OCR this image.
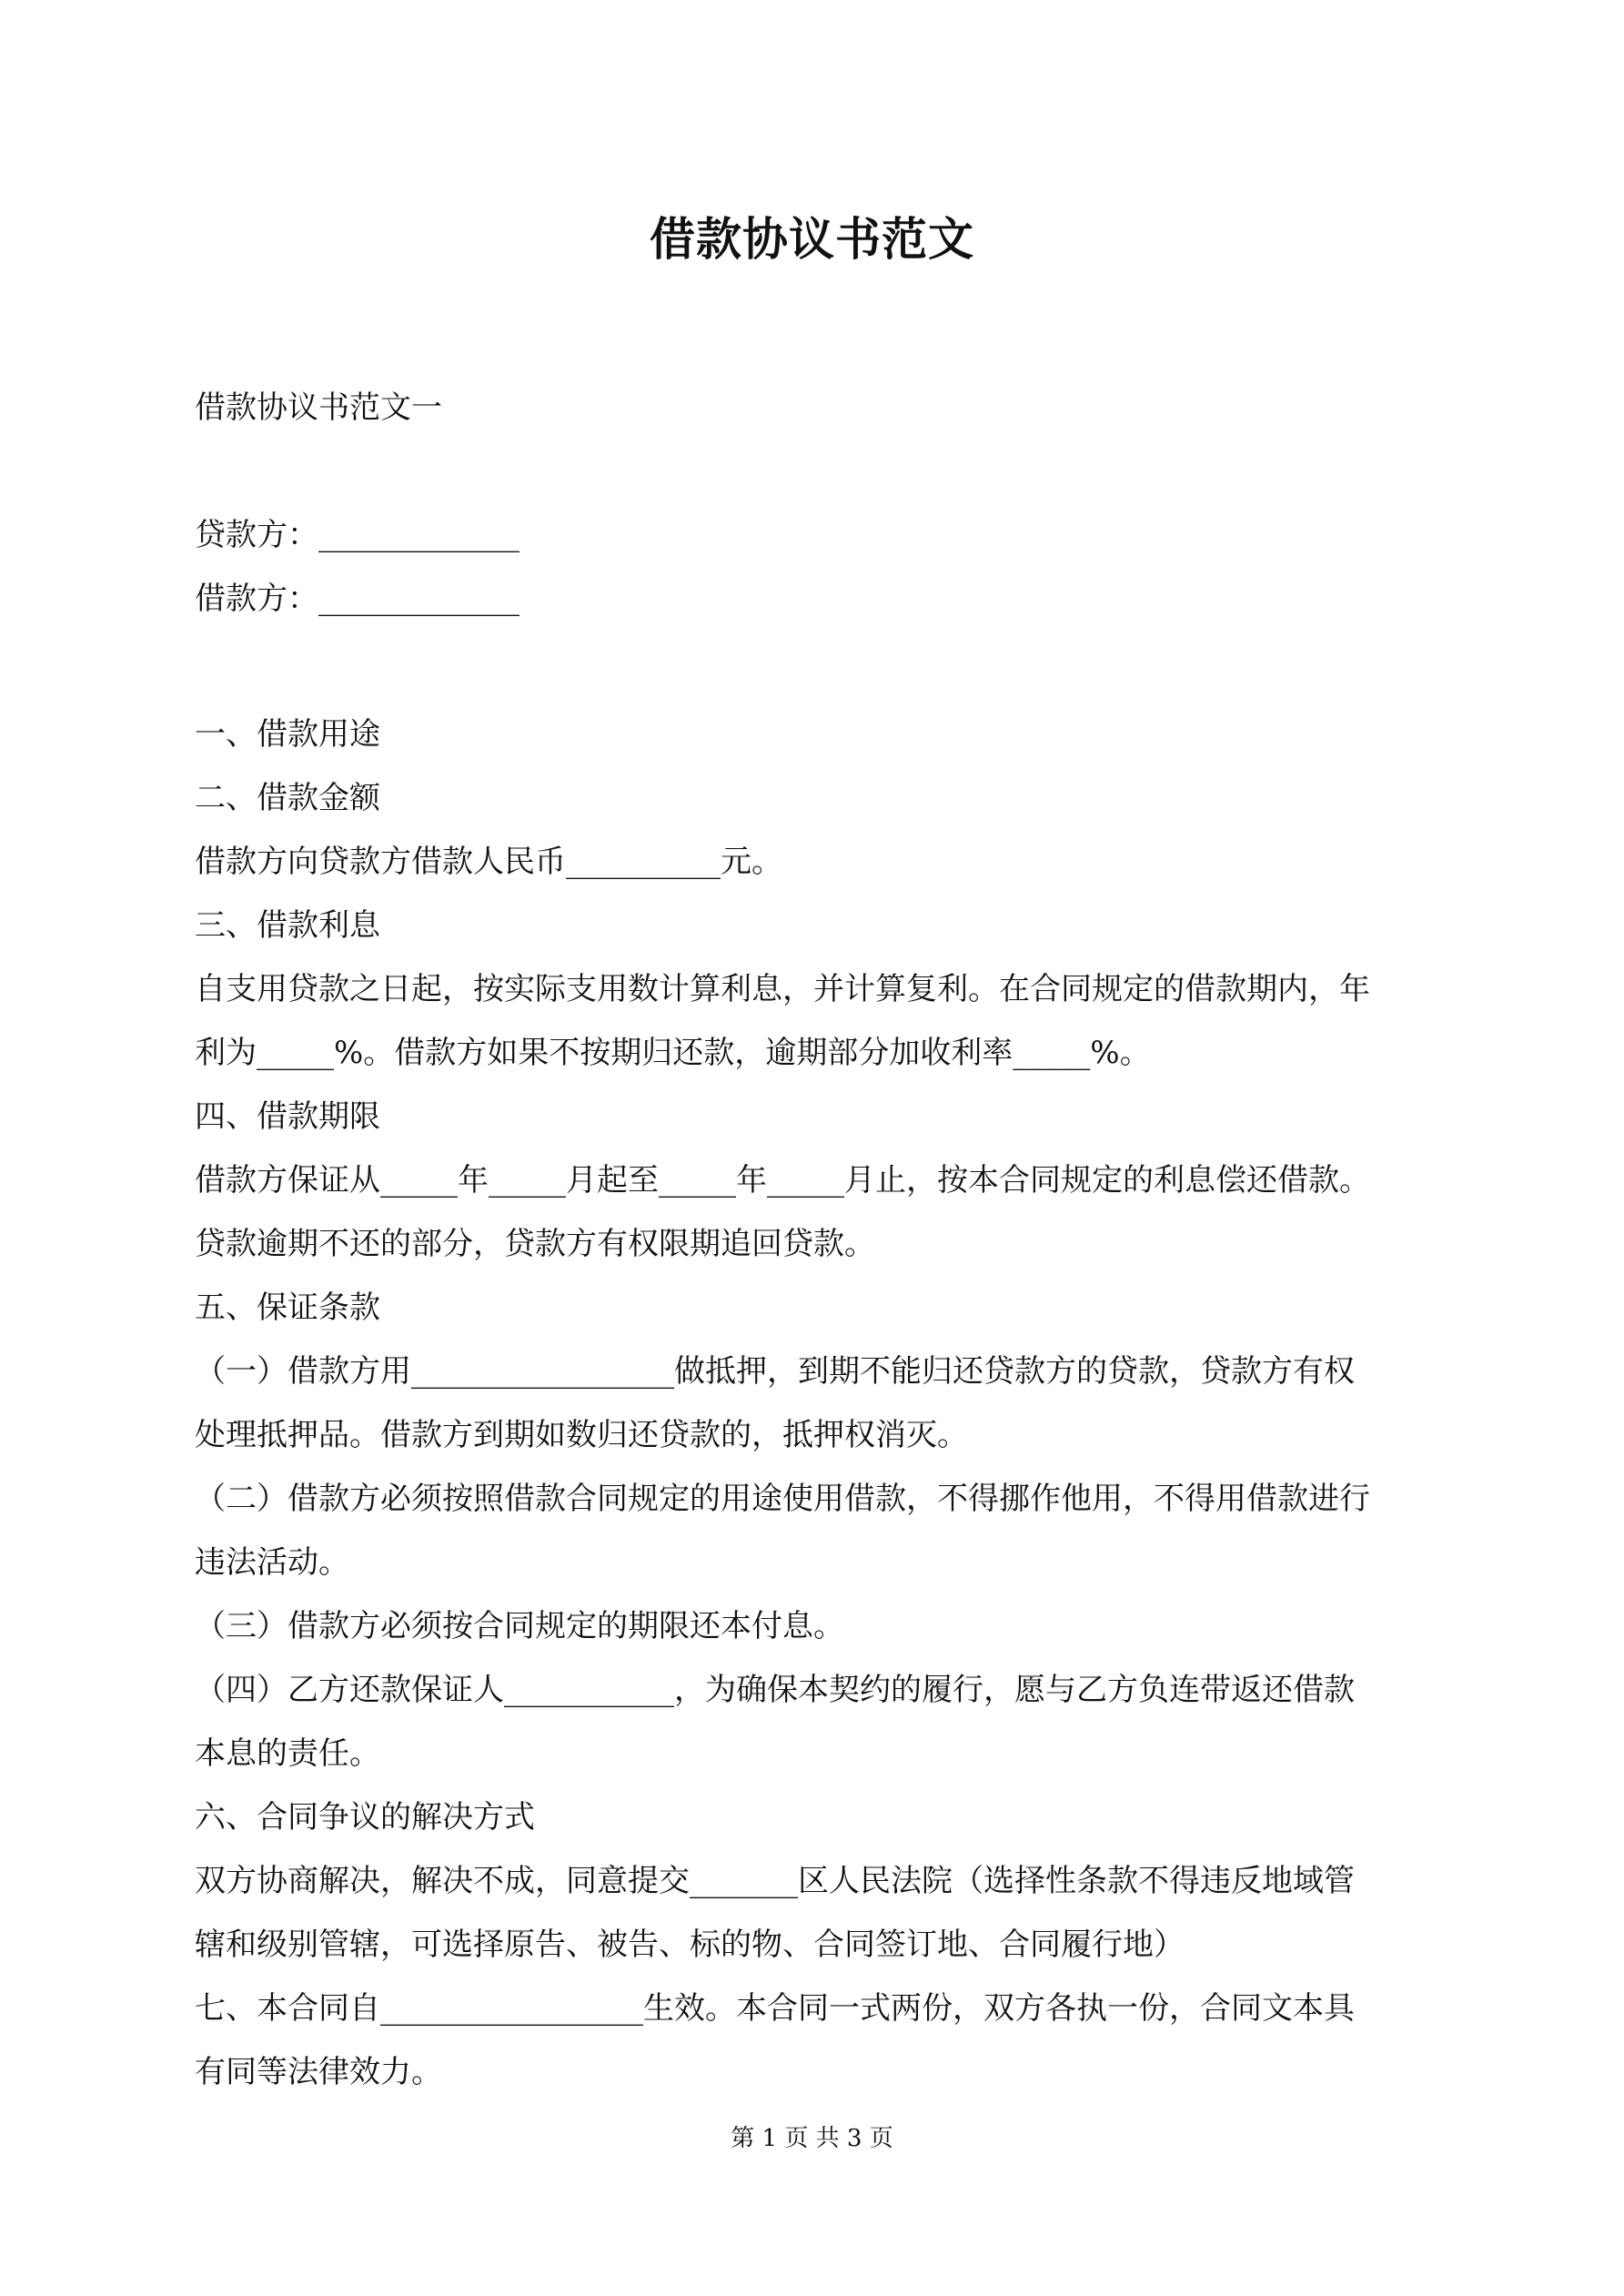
借款协议书范文
借款协议书范文一
贷款方：_____________
借款方：_____________

一、借款用途

二、借款金额

借款方向贷款方借款人民币__________元。

三、借款利息

自支用贷款之日起，按实际支用数计算利息，并计算复利。在合同规定的借款期内，年

利为_____%。借款方如果不按期归还款，逾期部分加收利率_____%。

四、借款期限

借款方保证从_____年_____月起至_____年_____月止，按本合同规定的利息偿还借款。

贷款逾期不还的部分，贷款方有权限期追回贷款。

五、保证条款

（一）借款方用_________________做抵押，到期不能归还贷款方的贷款，贷款方有权

处理抵押品。借款方到期如数归还贷款的，抵押权消灭。

（二）借款方必须按照借款合同规定的用途使用借款，不得挪作他用，不得用借款进行

违法活动。

（三）借款方必须按合同规定的期限还本付息。

（四）乙方还款保证人___________，为确保本契约的履行，愿与乙方负连带返还借款

本息的责任。

六、合同争议的解决方式

双方协商解决，解决不成，同意提交_______区人民法院（选择性条款不得违反地域管

辖和级别管辖，可选择原告、被告、标的物、合同签订地、合同履行地）

七、本合同自_________________生效。本合同一式两份，双方各执一份，合同文本具

有同等法律效力。

第 1 页 共 3 页
